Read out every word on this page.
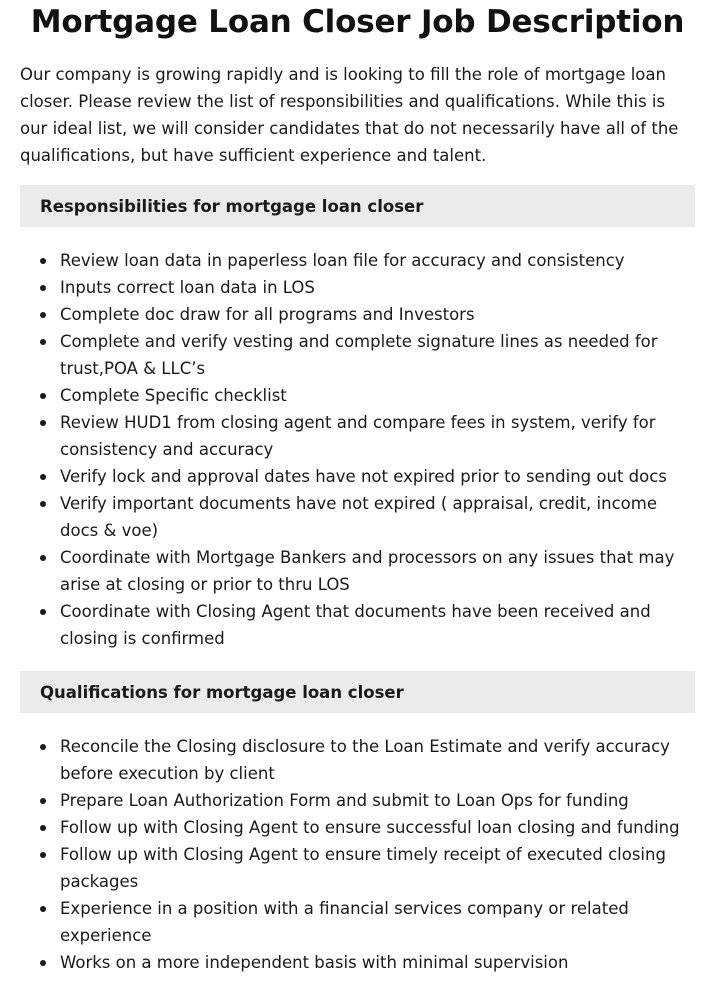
Mortgage Loan Closer Job Description

Our company is growing rapidly and is looking to fill the role of mortgage loan closer. Please review the list of responsibilities and qualifications. While this is our ideal list, we will consider candidates that do not necessarily have all of the qualifications, but have sufficient experience and talent.

Responsibilities for mortgage loan closer
Review loan data in paperless loan file for accuracy and consistency
Inputs correct loan data in LOS
Complete doc draw for all programs and Investors
Complete and verify vesting and complete signature lines as needed for trust,POA & LLC’s
Complete Specific checklist
Review HUD1 from closing agent and compare fees in system, verify for consistency and accuracy
Verify lock and approval dates have not expired prior to sending out docs
Verify important documents have not expired ( appraisal, credit, income docs & voe)
Coordinate with Mortgage Bankers and processors on any issues that may arise at closing or prior to thru LOS
Coordinate with Closing Agent that documents have been received and closing is confirmed
Qualifications for mortgage loan closer
Reconcile the Closing disclosure to the Loan Estimate and verify accuracy before execution by client
Prepare Loan Authorization Form and submit to Loan Ops for funding
Follow up with Closing Agent to ensure successful loan closing and funding
Follow up with Closing Agent to ensure timely receipt of executed closing packages
Experience in a position with a financial services company or related experience
Works on a more independent basis with minimal supervision
